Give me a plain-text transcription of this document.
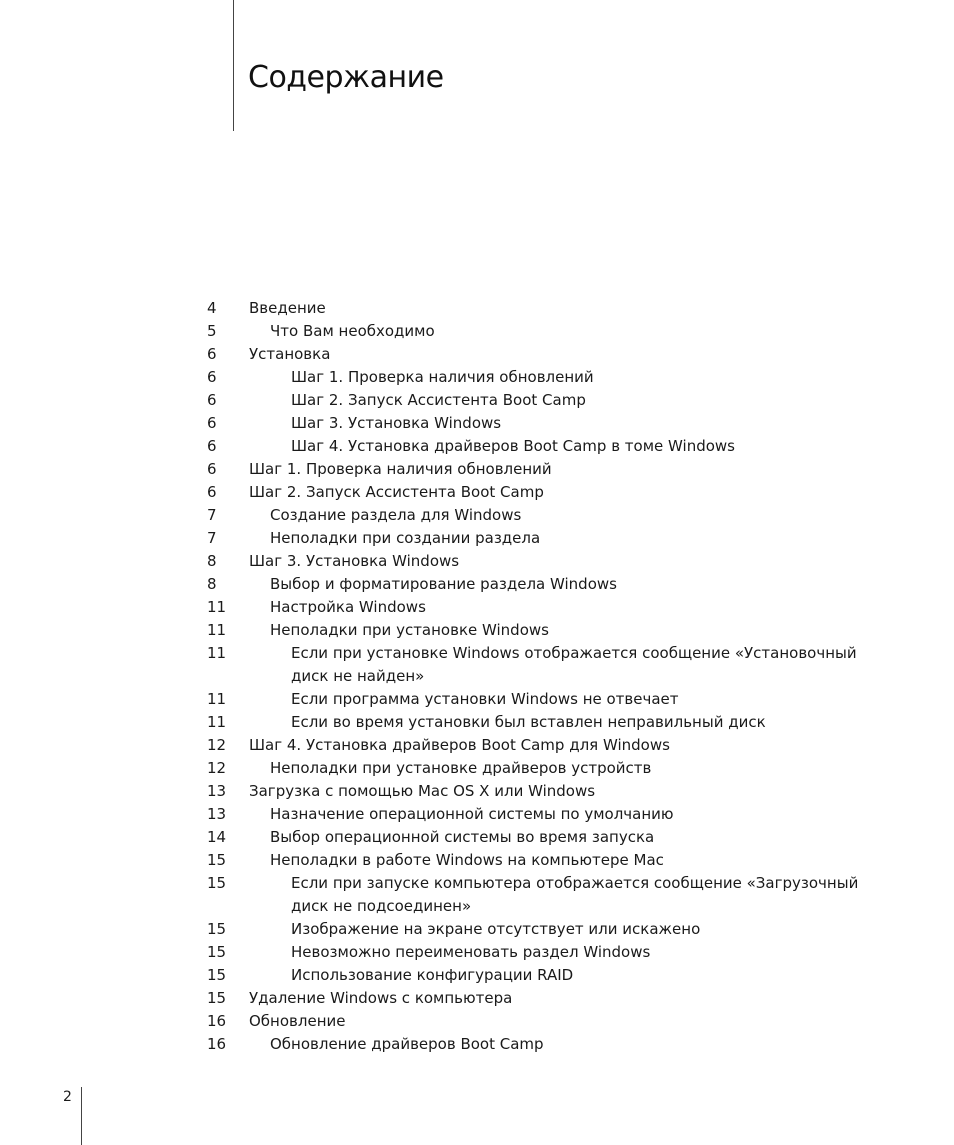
Содержание
4	Введение
5	Что Вам необходимо
6	Установка
6	Шаг 1. Проверка наличия обновлений
6	Шаг 2. Запуск Ассистента Boot Camp
6	Шаг 3. Установка Windows
6	Шаг 4. Установка драйверов Boot Camp в томе Windows
6	Шаг 1. Проверка наличия обновлений
6	Шаг 2. Запуск Ассистента Boot Camp
7	Создание раздела для Windows
7	Неполадки при создании раздела
8	Шаг 3. Установка Windows
8	Выбор и форматирование раздела Windows
11	Настройка Windows
11	Неполадки при установке Windows
11	Если при установке Windows отображается сообщение «Установочный диск не найден»
11	Если программа установки Windows не отвечает
11	Если во время установки был вставлен неправильный диск
12	Шаг 4. Установка драйверов Boot Camp для Windows
12	Неполадки при установке драйверов устройств
13	Загрузка с помощью Mac OS X или Windows
13	Назначение операционной системы по умолчанию
14	Выбор операционной системы во время запуска
15	Неполадки в работе Windows на компьютере Mac
15	Если при запуске компьютера отображается сообщение «Загрузочный диск не подсоединен»
15	Изображение на экране отсутствует или искажено
15	Невозможно переименовать раздел Windows
15	Использование конфигурации RAID
15	Удаление Windows с компьютера
16	Обновление
16	Обновление драйверов Boot Camp
2
